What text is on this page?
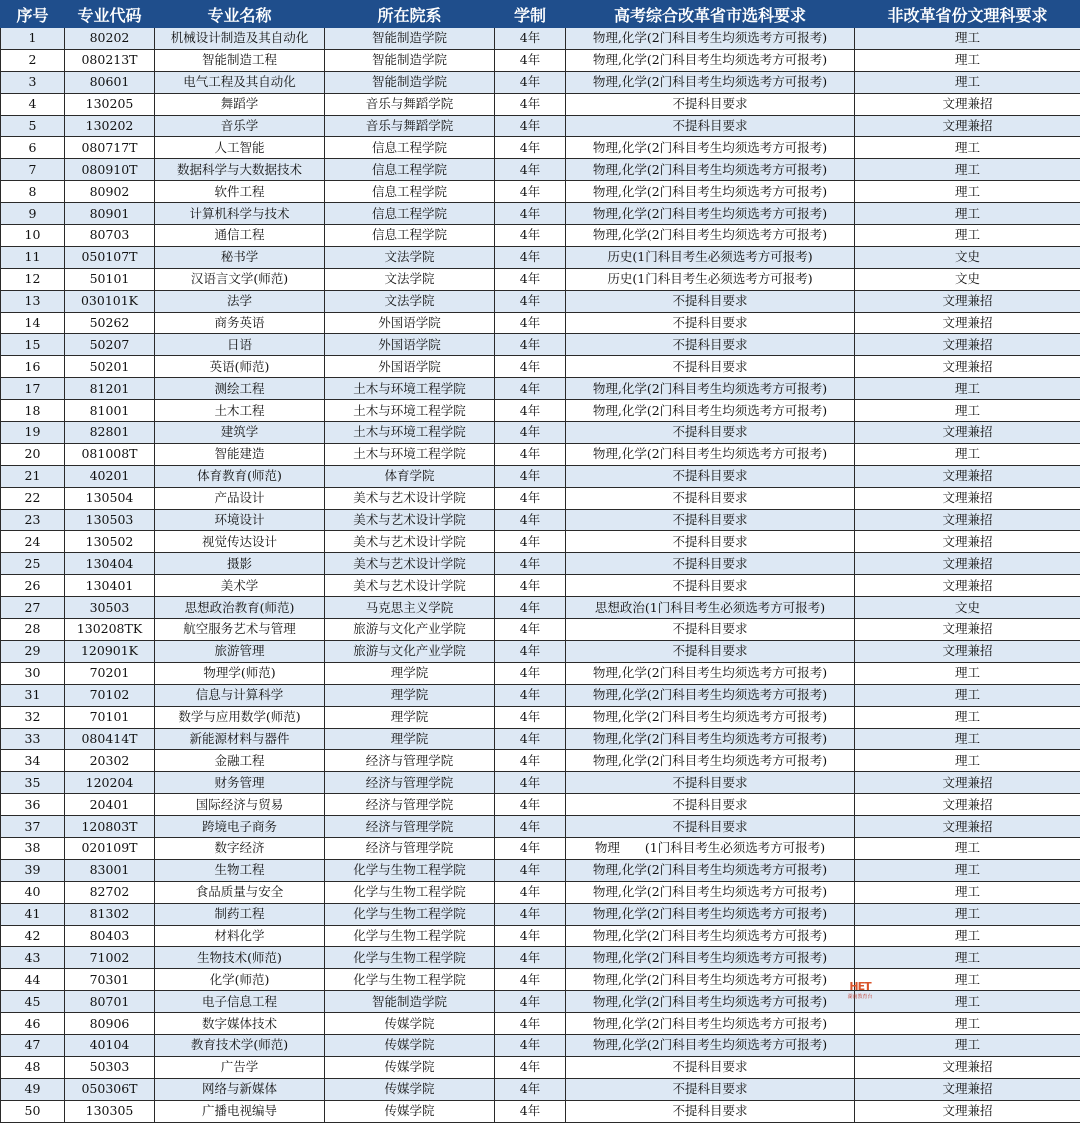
序号	专业代码	专业名称	所在院系	学制	高考综合改革省市选科要求	非改革省份文理科要求
1	80202	机械设计制造及其自动化	智能制造学院	4年	物理,化学(2门科目考生均须选考方可报考)	理工
2	080213T	智能制造工程	智能制造学院	4年	物理,化学(2门科目考生均须选考方可报考)	理工
3	80601	电气工程及其自动化	智能制造学院	4年	物理,化学(2门科目考生均须选考方可报考)	理工
4	130205	舞蹈学	音乐与舞蹈学院	4年	不提科目要求	文理兼招
5	130202	音乐学	音乐与舞蹈学院	4年	不提科目要求	文理兼招
6	080717T	人工智能	信息工程学院	4年	物理,化学(2门科目考生均须选考方可报考)	理工
7	080910T	数据科学与大数据技术	信息工程学院	4年	物理,化学(2门科目考生均须选考方可报考)	理工
8	80902	软件工程	信息工程学院	4年	物理,化学(2门科目考生均须选考方可报考)	理工
9	80901	计算机科学与技术	信息工程学院	4年	物理,化学(2门科目考生均须选考方可报考)	理工
10	80703	通信工程	信息工程学院	4年	物理,化学(2门科目考生均须选考方可报考)	理工
11	050107T	秘书学	文法学院	4年	历史(1门科目考生必须选考方可报考)	文史
12	50101	汉语言文学(师范)	文法学院	4年	历史(1门科目考生必须选考方可报考)	文史
13	030101K	法学	文法学院	4年	不提科目要求	文理兼招
14	50262	商务英语	外国语学院	4年	不提科目要求	文理兼招
15	50207	日语	外国语学院	4年	不提科目要求	文理兼招
16	50201	英语(师范)	外国语学院	4年	不提科目要求	文理兼招
17	81201	测绘工程	土木与环境工程学院	4年	物理,化学(2门科目考生均须选考方可报考)	理工
18	81001	土木工程	土木与环境工程学院	4年	物理,化学(2门科目考生均须选考方可报考)	理工
19	82801	建筑学	土木与环境工程学院	4年	不提科目要求	文理兼招
20	081008T	智能建造	土木与环境工程学院	4年	物理,化学(2门科目考生均须选考方可报考)	理工
21	40201	体育教育(师范)	体育学院	4年	不提科目要求	文理兼招
22	130504	产品设计	美术与艺术设计学院	4年	不提科目要求	文理兼招
23	130503	环境设计	美术与艺术设计学院	4年	不提科目要求	文理兼招
24	130502	视觉传达设计	美术与艺术设计学院	4年	不提科目要求	文理兼招
25	130404	摄影	美术与艺术设计学院	4年	不提科目要求	文理兼招
26	130401	美术学	美术与艺术设计学院	4年	不提科目要求	文理兼招
27	30503	思想政治教育(师范)	马克思主义学院	4年	思想政治(1门科目考生必须选考方可报考)	文史
28	130208TK	航空服务艺术与管理	旅游与文化产业学院	4年	不提科目要求	文理兼招
29	120901K	旅游管理	旅游与文化产业学院	4年	不提科目要求	文理兼招
30	70201	物理学(师范)	理学院	4年	物理,化学(2门科目考生均须选考方可报考)	理工
31	70102	信息与计算科学	理学院	4年	物理,化学(2门科目考生均须选考方可报考)	理工
32	70101	数学与应用数学(师范)	理学院	4年	物理,化学(2门科目考生均须选考方可报考)	理工
33	080414T	新能源材料与器件	理学院	4年	物理,化学(2门科目考生均须选考方可报考)	理工
34	20302	金融工程	经济与管理学院	4年	物理,化学(2门科目考生均须选考方可报考)	理工
35	120204	财务管理	经济与管理学院	4年	不提科目要求	文理兼招
36	20401	国际经济与贸易	经济与管理学院	4年	不提科目要求	文理兼招
37	120803T	跨境电子商务	经济与管理学院	4年	不提科目要求	文理兼招
38	020109T	数字经济	经济与管理学院	4年	物理　　(1门科目考生必须选考方可报考)	理工
39	83001	生物工程	化学与生物工程学院	4年	物理,化学(2门科目考生均须选考方可报考)	理工
40	82702	食品质量与安全	化学与生物工程学院	4年	物理,化学(2门科目考生均须选考方可报考)	理工
41	81302	制药工程	化学与生物工程学院	4年	物理,化学(2门科目考生均须选考方可报考)	理工
42	80403	材料化学	化学与生物工程学院	4年	物理,化学(2门科目考生均须选考方可报考)	理工
43	71002	生物技术(师范)	化学与生物工程学院	4年	物理,化学(2门科目考生均须选考方可报考)	理工
44	70301	化学(师范)	化学与生物工程学院	4年	物理,化学(2门科目考生均须选考方可报考)	理工
45	80701	电子信息工程	智能制造学院	4年	物理,化学(2门科目考生均须选考方可报考)	理工
46	80906	数字媒体技术	传媒学院	4年	物理,化学(2门科目考生均须选考方可报考)	理工
47	40104	教育技术学(师范)	传媒学院	4年	物理,化学(2门科目考生均须选考方可报考)	理工
48	50303	广告学	传媒学院	4年	不提科目要求	文理兼招
49	050306T	网络与新媒体	传媒学院	4年	不提科目要求	文理兼招
50	130305	广播电视编导	传媒学院	4年	不提科目要求	文理兼招
HET
湖南教育台
